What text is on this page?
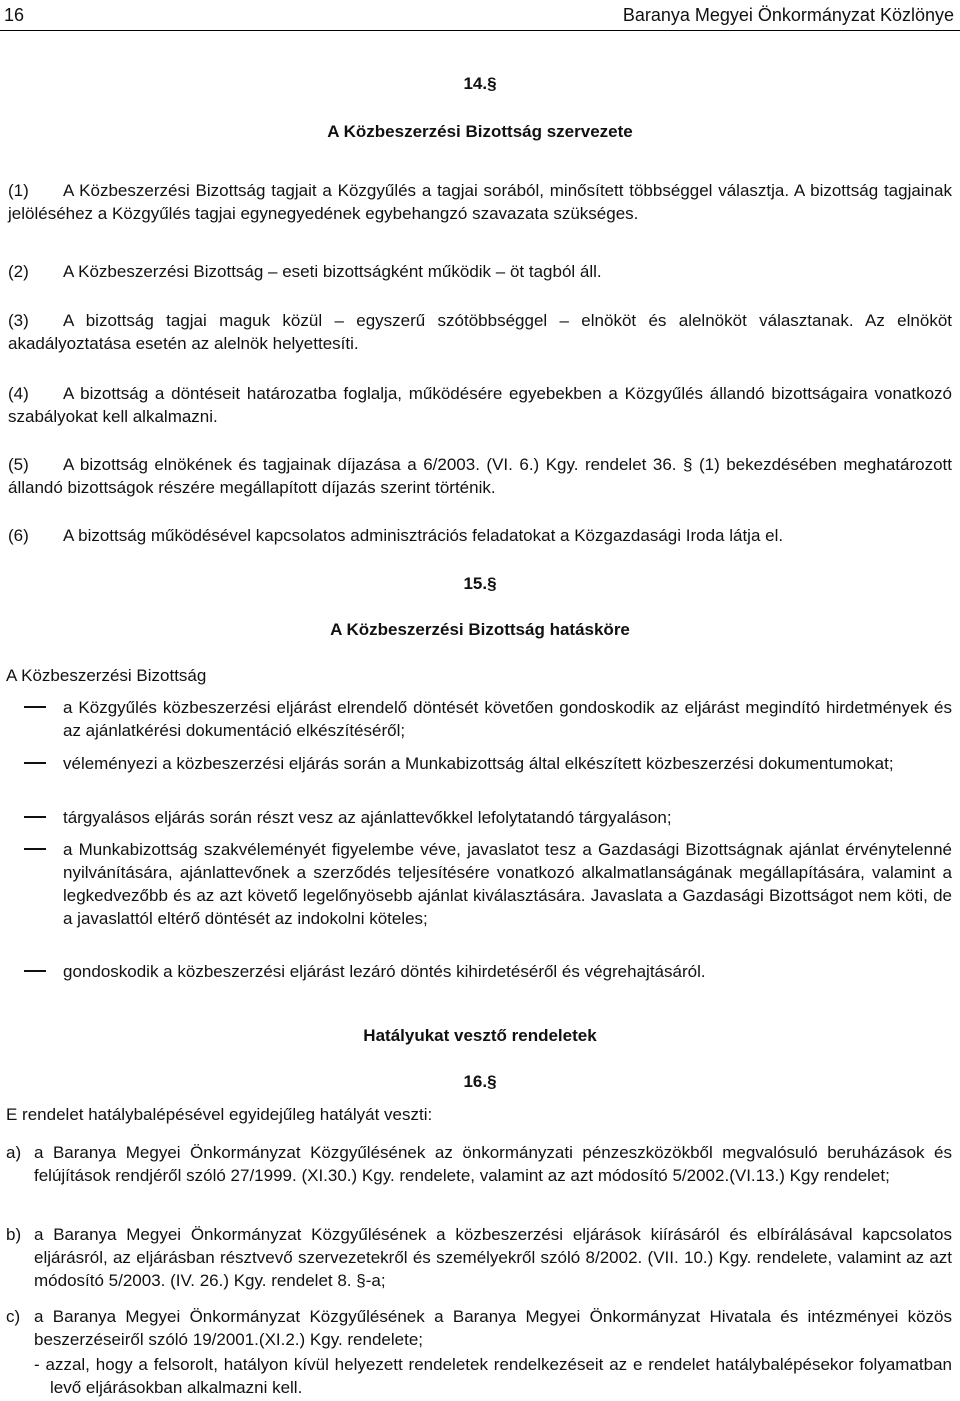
16	Baranya Megyei Önkormányzat Közlönye
14.§
A Közbeszerzési Bizottság szervezete
(1)	A Közbeszerzési Bizottság tagjait a Közgyűlés a tagjai sorából, minősített többséggel választja. A bizottság tagjainak jelöléséhez a Közgyűlés tagjai egynegyedének egybehangzó szavazata szükséges.
(2)	A Közbeszerzési Bizottság – eseti bizottságként működik – öt tagból áll.
(3)	A bizottság tagjai maguk közül – egyszerű szótöbbséggel – elnököt és alelnököt választanak. Az elnököt akadályoztatása esetén az alelnök helyettesíti.
(4)	A bizottság a döntéseit határozatba foglalja, működésére egyebekben a Közgyűlés állandó bizottságaira vonatkozó szabályokat kell alkalmazni.
(5)	A bizottság elnökének és tagjainak díjazása a 6/2003. (VI. 6.) Kgy. rendelet 36. § (1) bekezdésében meghatározott állandó bizottságok részére megállapított díjazás szerint történik.
(6)	A bizottság működésével kapcsolatos adminisztrációs feladatokat a Közgazdasági Iroda látja el.
15.§
A Közbeszerzési Bizottság hatásköre
A Közbeszerzési Bizottság
a Közgyűlés közbeszerzési eljárást elrendelő döntését követően gondoskodik az eljárást megindító hirdetmények és az ajánlatkérési dokumentáció elkészítéséről;
véleményezi a közbeszerzési eljárás során a Munkabizottság által elkészített közbeszerzési dokumentumokat;
tárgyalásos eljárás során részt vesz az ajánlattevőkkel lefolytatandó tárgyaláson;
a Munkabizottság szakvéleményét figyelembe véve, javaslatot tesz a Gazdasági Bizottságnak ajánlat érvénytelenné nyilvánítására, ajánlattevőnek a szerződés teljesítésére vonatkozó alkalmatlanságának megállapítására, valamint a legkedvezőbb és az azt követő legelőnyösebb ajánlat kiválasztására. Javaslata a Gazdasági Bizottságot nem köti, de a javaslattól eltérő döntését az indokolni köteles;
gondoskodik a közbeszerzési eljárást lezáró döntés kihirdetéséről és végrehajtásáról.
Hatályukat vesztő rendeletek
16.§
E rendelet hatálybalépésével egyidejűleg hatályát veszti:
a) a Baranya Megyei Önkormányzat Közgyűlésének az önkormányzati pénzeszközökből megvalósuló beruházások és felújítások rendjéről szóló 27/1999. (XI.30.) Kgy. rendelete, valamint az azt módosító 5/2002.(VI.13.) Kgy rendelet;
b) a Baranya Megyei Önkormányzat Közgyűlésének a közbeszerzési eljárások kiírásáról és elbírálásával kapcsolatos eljárásról, az eljárásban résztvevő szervezetekről és személyekről szóló 8/2002. (VII. 10.) Kgy. rendelete, valamint az azt módosító 5/2003. (IV. 26.) Kgy. rendelet 8. §-a;
c) a Baranya Megyei Önkormányzat Közgyűlésének a Baranya Megyei Önkormányzat Hivatala és intézményei közös beszerzéseiről szóló 19/2001.(XI.2.) Kgy. rendelete;
- azzal, hogy a felsorolt, hatályon kívül helyezett rendeletek rendelkezéseit az e rendelet hatálybalépésekor folyamatban levő eljárásokban alkalmazni kell.
